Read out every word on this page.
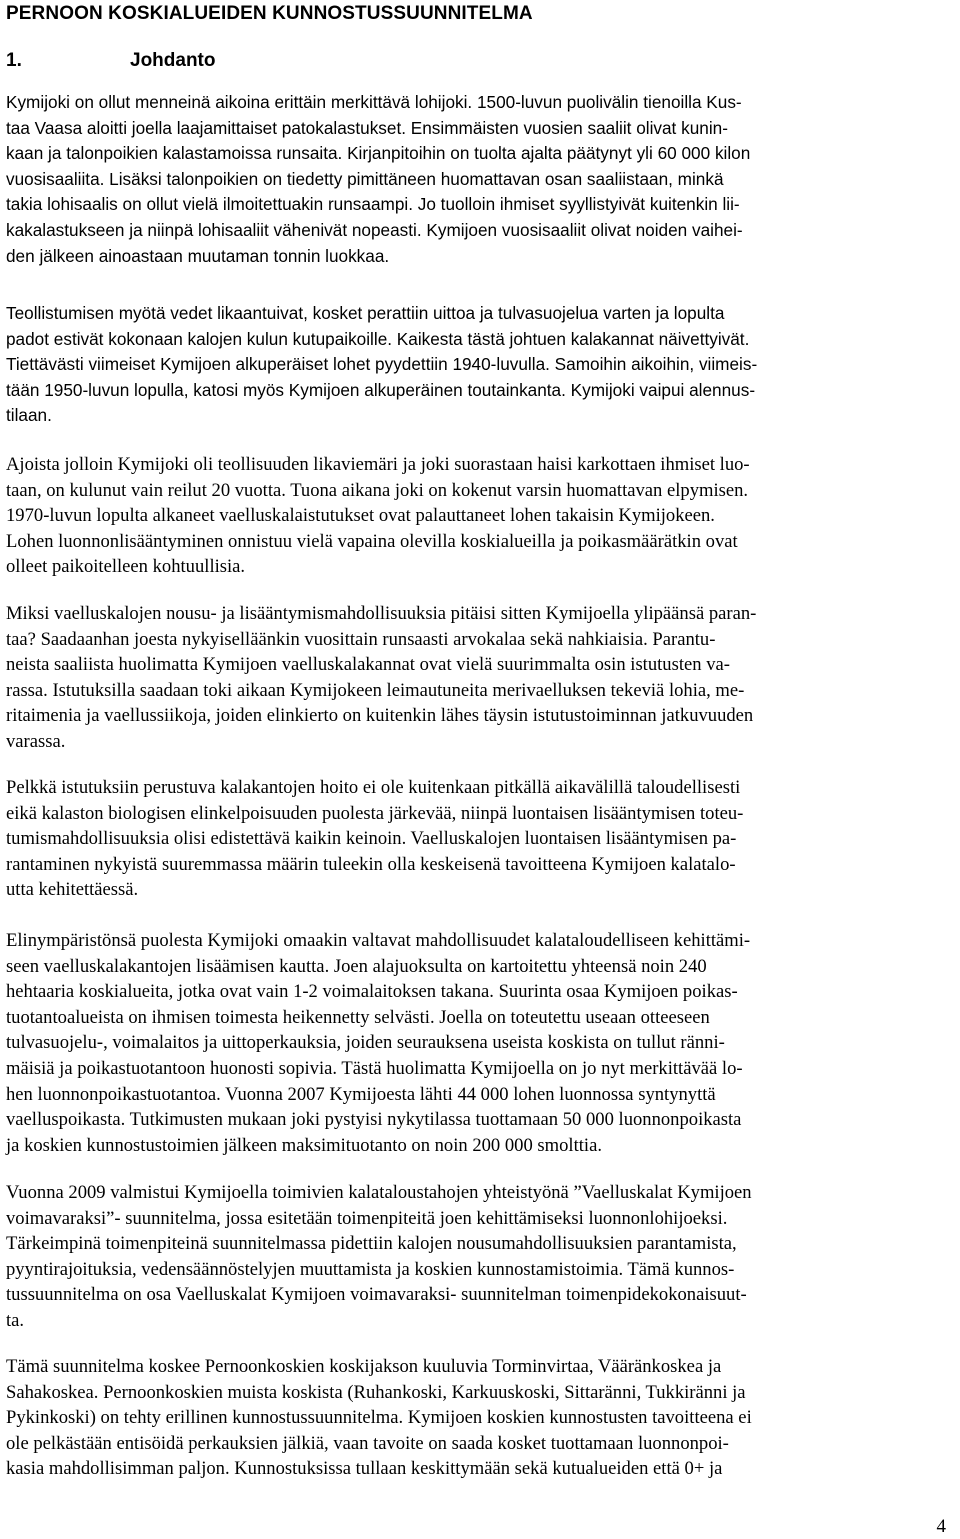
PERNOON KOSKIALUEIDEN KUNNOSTUSSUUNNITELMA
1.	Johdanto
Kymijoki on ollut menneinä aikoina erittäin merkittävä lohijoki. 1500-luvun puolivälin tienoilla Kus-
taa Vaasa aloitti joella laajamittaiset patokalastukset. Ensimmäisten vuosien saaliit olivat kunin-
kaan ja talonpoikien kalastamoissa runsaita. Kirjanpitoihin on tuolta ajalta päätynyt yli 60 000 kilon
vuosisaaliita. Lisäksi talonpoikien on tiedetty pimittäneen huomattavan osan saaliistaan, minkä
takia lohisaalis on ollut vielä ilmoitettuakin runsaampi. Jo tuolloin ihmiset syyllistyivät kuitenkin lii-
kakalastukseen ja niinpä lohisaaliit vähenivät nopeasti. Kymijoen vuosisaaliit olivat noiden vaihei-
den jälkeen ainoastaan muutaman tonnin luokkaa.
Teollistumisen myötä vedet likaantuivat, kosket perattiin uittoa ja tulvasuojelua varten ja lopulta
padot estivät kokonaan kalojen kulun kutupaikoille. Kaikesta tästä johtuen kalakannat näivettyivät.
Tiettävästi viimeiset Kymijoen alkuperäiset lohet pyydettiin 1940-luvulla. Samoihin aikoihin, viimeis-
tään 1950-luvun lopulla, katosi myös Kymijoen alkuperäinen toutainkanta. Kymijoki vaipui alennus-
tilaan.
Ajoista jolloin Kymijoki oli teollisuuden likaviemäri ja joki suorastaan haisi karkottaen ihmiset luo-
taan, on kulunut vain reilut 20 vuotta. Tuona aikana joki on kokenut varsin huomattavan elpymisen.
1970-luvun lopulta alkaneet vaelluskalaistutukset ovat palauttaneet lohen takaisin Kymijokeen.
Lohen luonnonlisääntyminen onnistuu vielä vapaina olevilla koskialueilla ja poikasmäärätkin ovat
olleet paikoitelleen kohtuullisia.
Miksi vaelluskalojen nousu- ja lisääntymismahdollisuuksia pitäisi sitten Kymijoella ylipäänsä paran-
taa? Saadaanhan joesta nykyiselläänkin vuosittain runsaasti arvokalaa sekä nahkiaisia. Parantu-
neista saaliista huolimatta Kymijoen vaelluskalakannat ovat vielä suurimmalta osin istutusten va-
rassa. Istutuksilla saadaan toki aikaan Kymijokeen leimautuneita merivaelluksen tekeviä lohia, me-
ritaimenia ja vaellussiikoja, joiden elinkierto on kuitenkin lähes täysin istutustoiminnan jatkuvuuden
varassa.
Pelkkä istutuksiin perustuva kalakantojen hoito ei ole kuitenkaan pitkällä aikavälillä taloudellisesti
eikä kalaston biologisen elinkelpoisuuden puolesta järkevää, niinpä luontaisen lisääntymisen toteu-
tumismahdollisuuksia olisi edistettävä kaikin keinoin. Vaelluskalojen luontaisen lisääntymisen pa-
rantaminen nykyistä suuremmassa määrin tuleekin olla keskeisenä tavoitteena Kymijoen kalatalo-
utta kehitettäessä.
Elinympäristönsä puolesta Kymijoki omaakin valtavat mahdollisuudet kalataloudelliseen kehittämi-
seen vaelluskalakantojen lisäämisen kautta. Joen alajuoksulta on kartoitettu yhteensä noin 240
hehtaaria koskialueita, jotka ovat vain 1-2 voimalaitoksen takana. Suurinta osaa Kymijoen poikas-
tuotantoalueista on ihmisen toimesta heikennetty selvästi. Joella on toteutettu useaan otteeseen
tulvasuojelu-, voimalaitos ja uittoperkauksia, joiden seurauksena useista koskista on tullut ränni-
mäisiä ja poikastuotantoon huonosti sopivia. Tästä huolimatta Kymijoella on jo nyt merkittävää lo-
hen luonnonpoikastuotantoa. Vuonna 2007 Kymijoesta lähti 44 000 lohen luonnossa syntynyttä
vaelluspoikasta. Tutkimusten mukaan joki pystyisi nykytilassa tuottamaan 50 000 luonnonpoikasta
ja koskien kunnostustoimien jälkeen maksimituotanto on noin 200 000 smolttia.
Vuonna 2009 valmistui Kymijoella toimivien kalataloustahojen yhteistyönä ”Vaelluskalat Kymijoen
voimavaraksi”- suunnitelma, jossa esitetään toimenpiteitä joen kehittämiseksi luonnonlohijoeksi.
Tärkeimpinä toimenpiteinä suunnitelmassa pidettiin kalojen nousumahdollisuuksien parantamista,
pyyntirajoituksia, vedensäännöstelyjen muuttamista ja koskien kunnostamistoimia. Tämä kunnos-
tussuunnitelma on osa Vaelluskalat Kymijoen voimavaraksi- suunnitelman toimenpidekokonaisuut-
ta.
Tämä suunnitelma koskee Pernoonkoskien koskijakson kuuluvia Torminvirtaa, Vääränkoskea ja
Sahakoskea. Pernoonkoskien muista koskista (Ruhankoski, Karkuuskoski, Sittaränni, Tukkiränni ja
Pykinkoski) on tehty erillinen kunnostussuunnitelma. Kymijoen koskien kunnostusten tavoitteena ei
ole pelkästään entisöidä perkauksien jälkiä, vaan tavoite on saada kosket tuottamaan luonnonpoi-
kasia mahdollisimman paljon. Kunnostuksissa tullaan keskittymään sekä kutualueiden että 0+ ja
4
